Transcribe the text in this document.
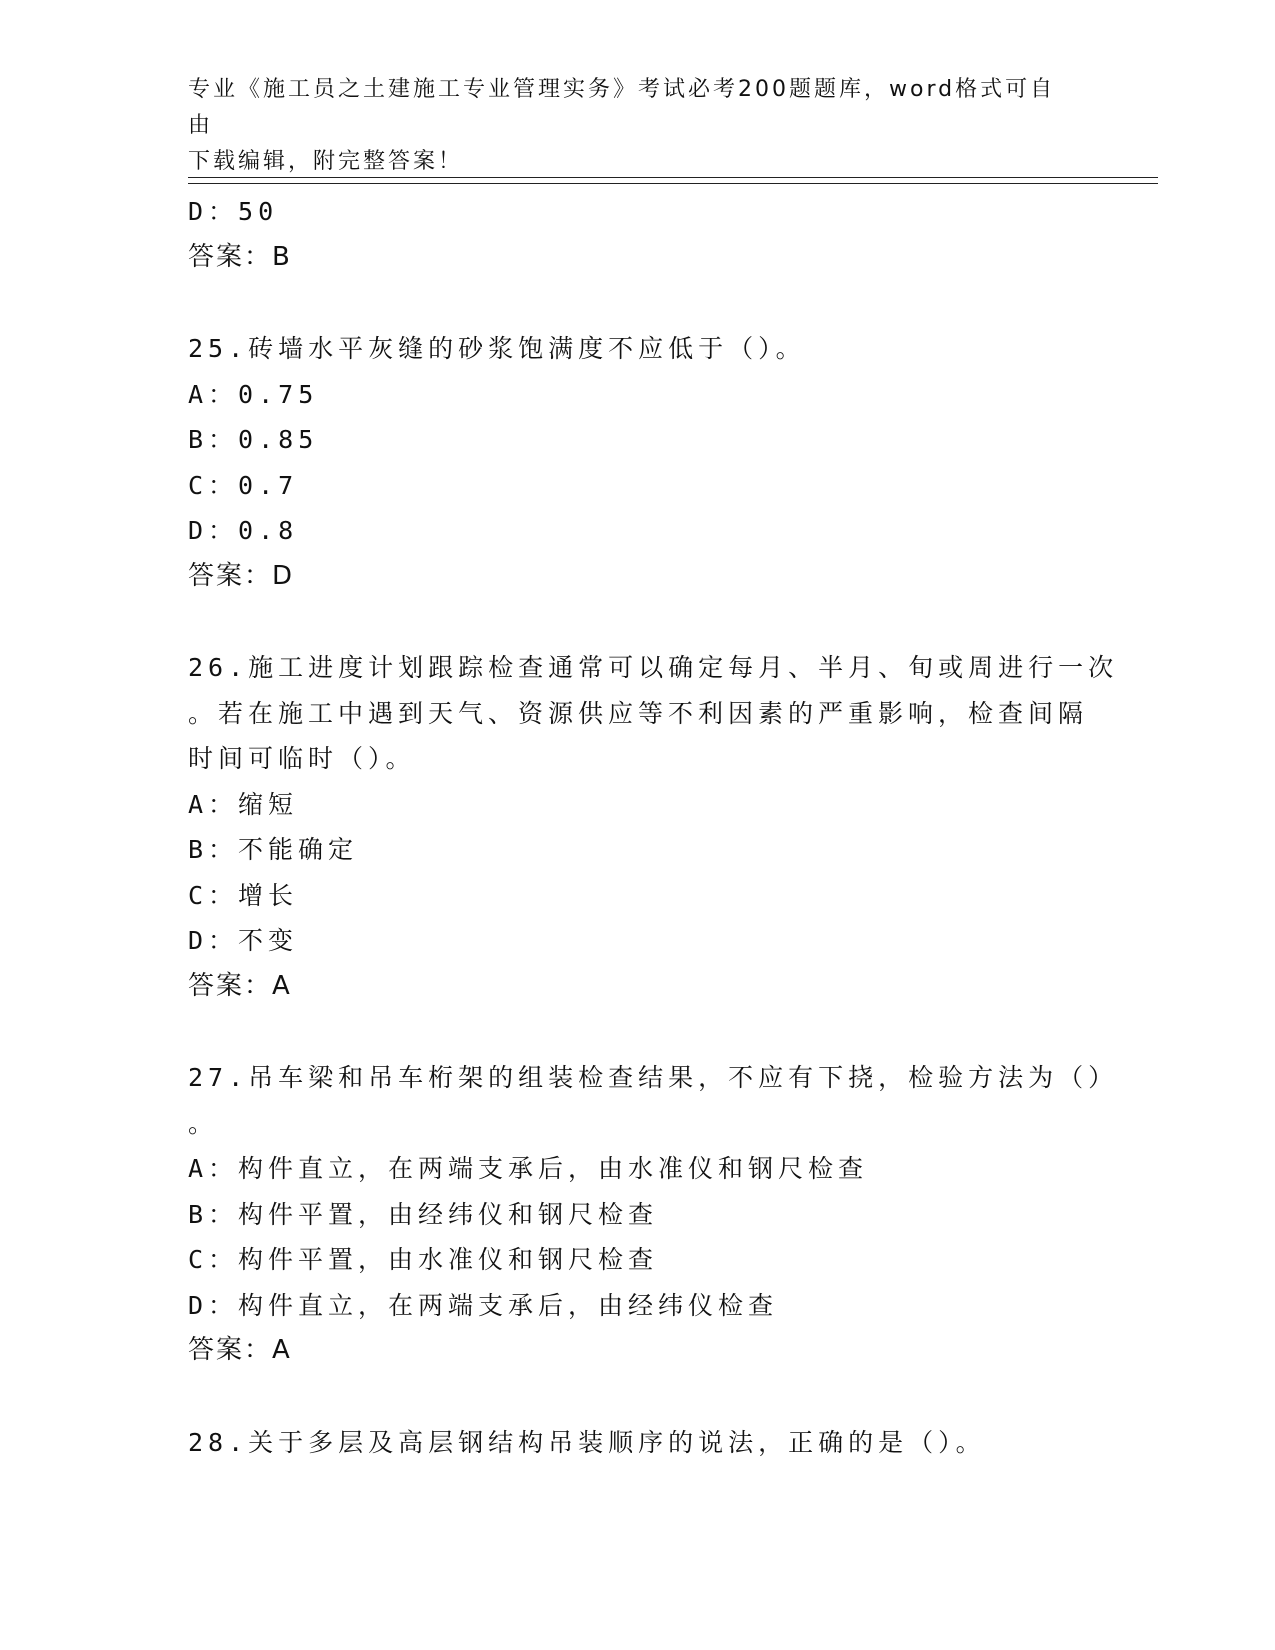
专业《施工员之土建施工专业管理实务》考试必考200题题库，word格式可自由
下载编辑，附完整答案！
D：50
答案：B
25.砖墙水平灰缝的砂浆饱满度不应低于（）。
A：0.75
B：0.85
C：0.7
D：0.8
答案：D
26.施工进度计划跟踪检查通常可以确定每月、半月、旬或周进行一次
。若在施工中遇到天气、资源供应等不利因素的严重影响，检查间隔
时间可临时（）。
A：缩短
B：不能确定
C：增长
D：不变
答案：A
27.吊车梁和吊车桁架的组装检查结果，不应有下挠，检验方法为（）
。
A：构件直立，在两端支承后，由水准仪和钢尺检查
B：构件平置，由经纬仪和钢尺检查
C：构件平置，由水准仪和钢尺检查
D：构件直立，在两端支承后，由经纬仪检查
答案：A
28.关于多层及高层钢结构吊装顺序的说法，正确的是（）。
